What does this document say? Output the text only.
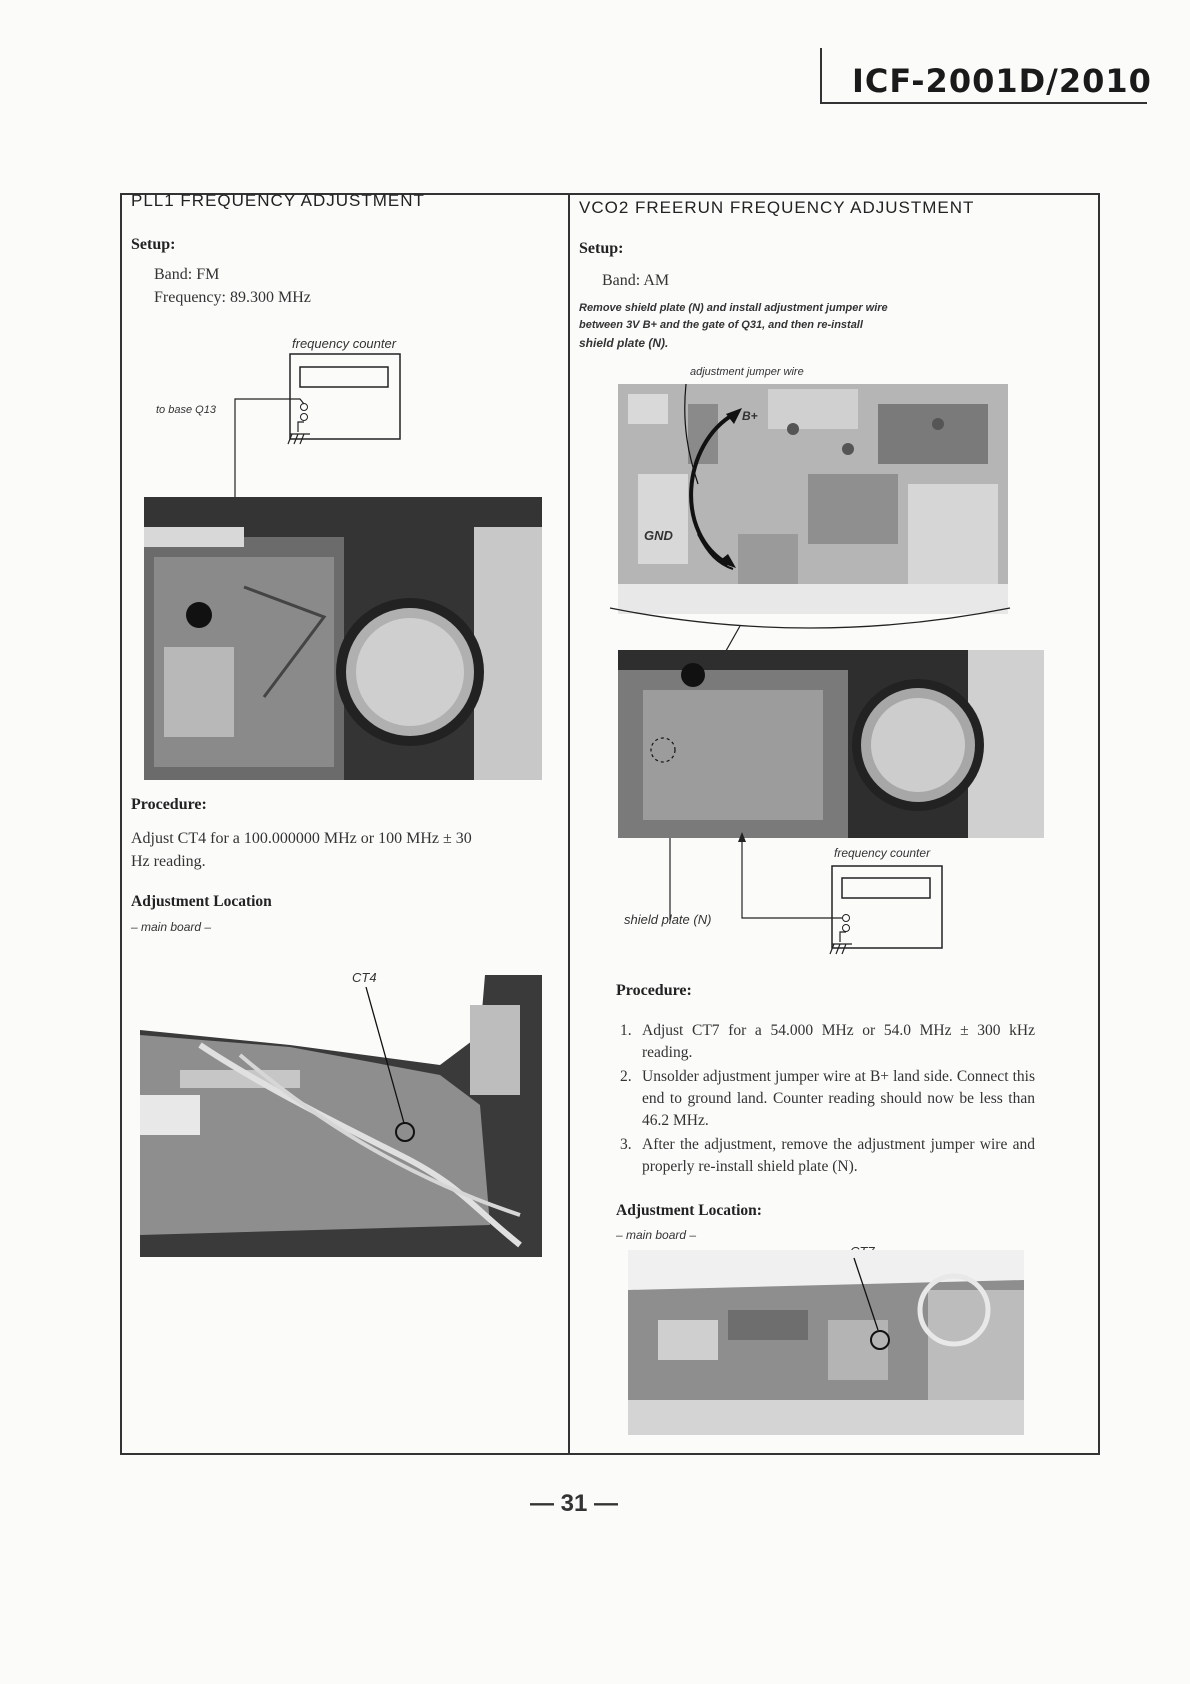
ICF-2001D/2010
PLL1 FREQUENCY ADJUSTMENT
Setup:
Band: FM
Frequency: 89.300 MHz
frequency counter
to base Q13
Procedure:
Adjust CT4 for a 100.000000 MHz or 100 MHz ± 30
Hz reading.
Adjustment Location
– main board –
CT4
VCO2 FREERUN FREQUENCY ADJUSTMENT
Setup:
Band: AM
Remove shield plate (N) and install adjustment jumper wire
between 3V B+ and the gate of Q31, and then re-install
shield plate (N).
adjustment jumper wire
B+
GND
frequency counter
shield plate (N)
Procedure:
1. Adjust CT7 for a 54.000 MHz or 54.0 MHz ± 300 kHz reading.
2. Unsolder adjustment jumper wire at B+ land side. Connect this end to ground land. Counter reading should now be less than 46.2 MHz.
3. After the adjustment, remove the adjustment jumper wire and properly re-install shield plate (N).
Adjustment Location:
– main board –
— 31 —
